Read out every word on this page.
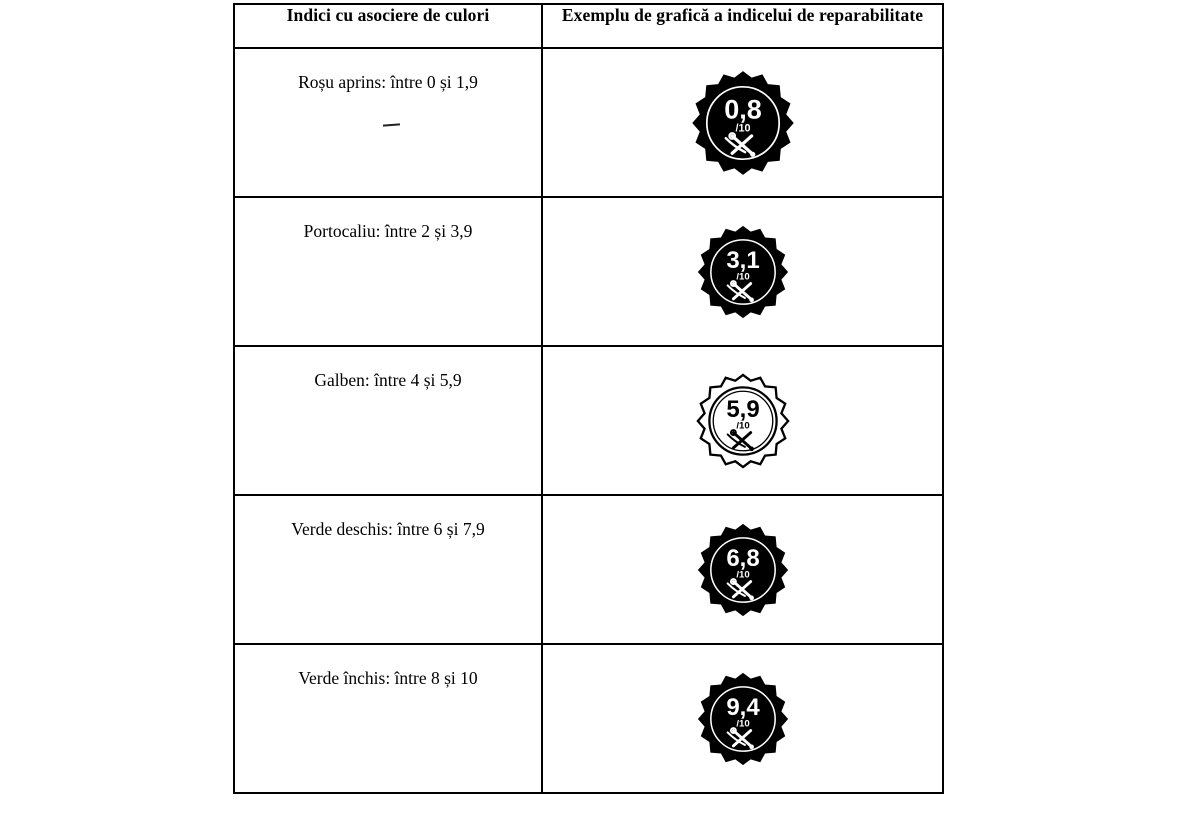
Indici cu asociere de culori	Exemplu de grafică a indicelui de reparabilitate

Roșu aprins: între 0 și 1,9	0,8
/10

Portocaliu: între 2 și 3,9	3,1
/10

Galben: între 4 și 5,9	5,9
/10

Verde deschis: între 6 și 7,9	6,8
/10

Verde închis: între 8 și 10	9,4
/10
